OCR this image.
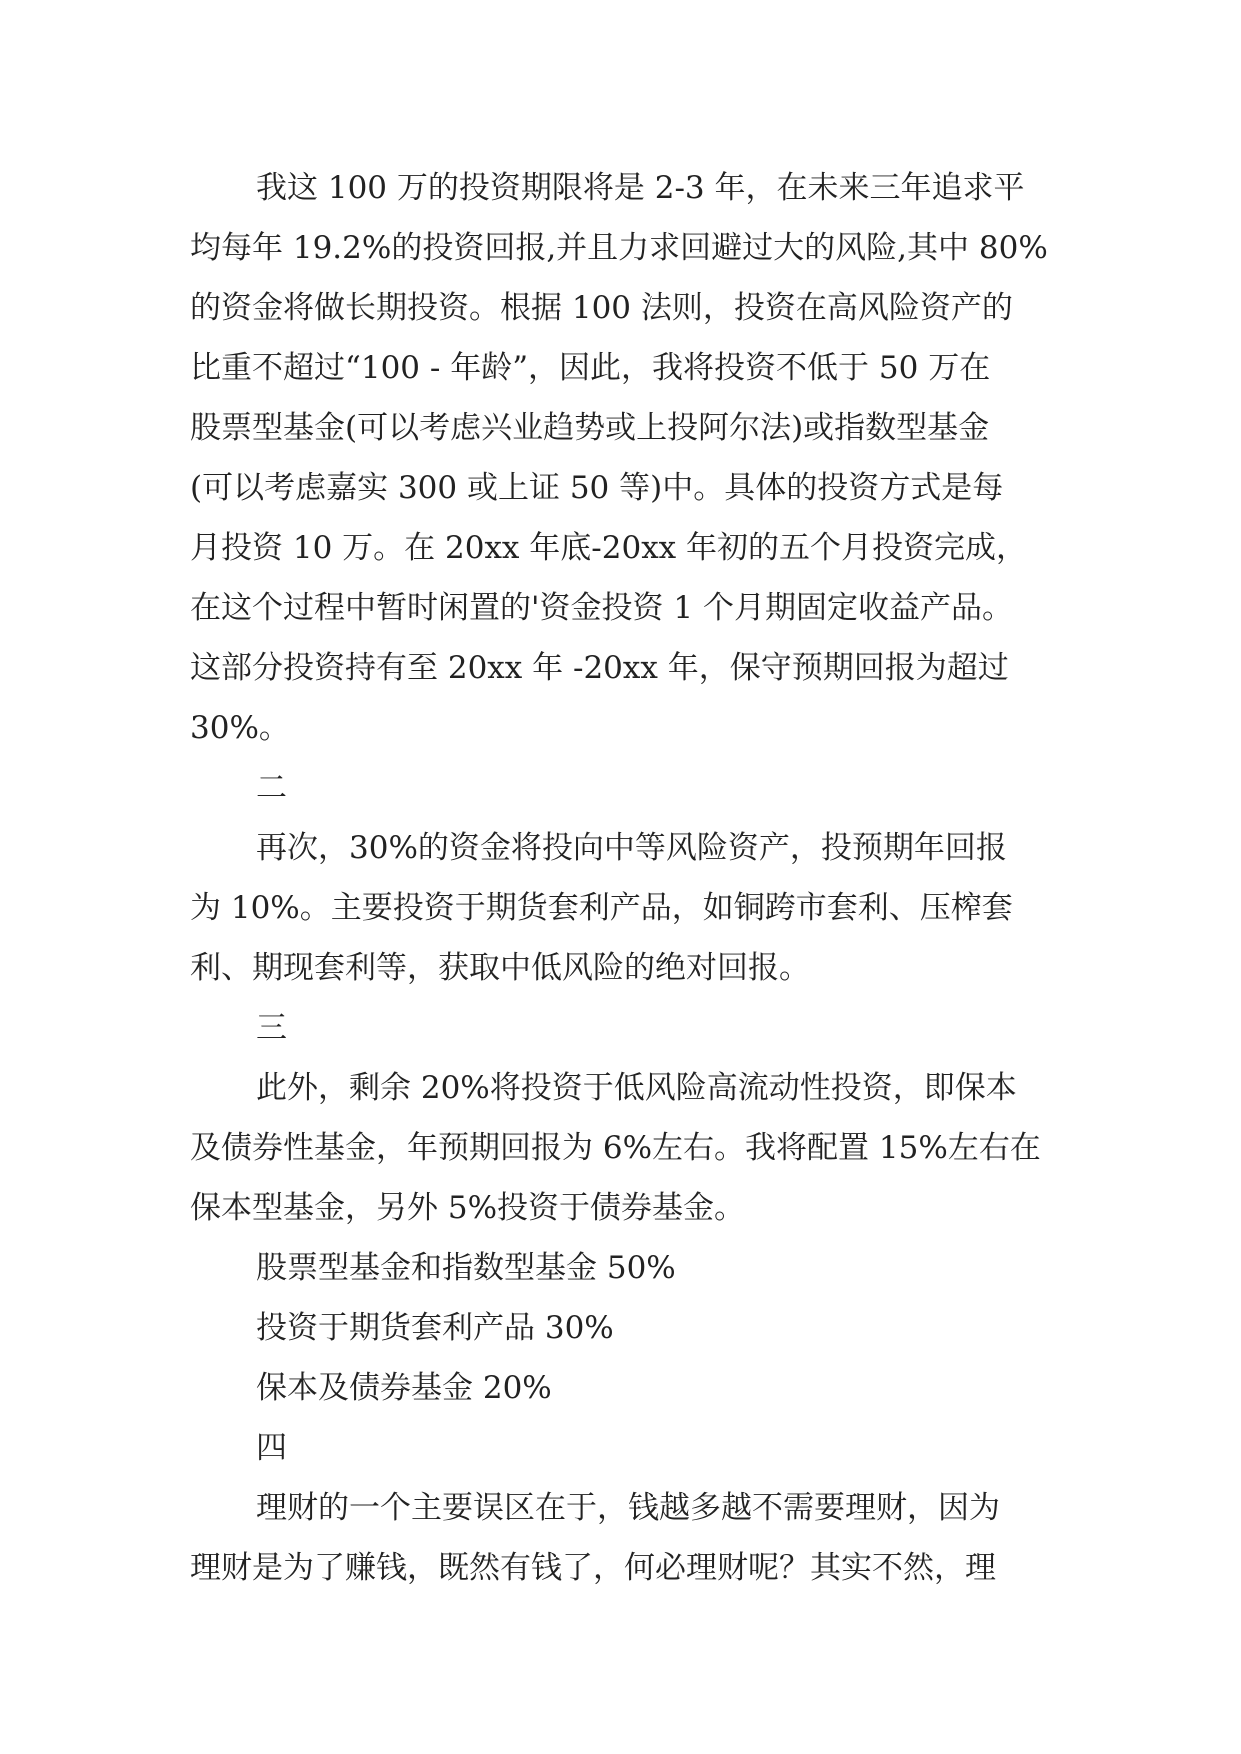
我这 100 万的投资期限将是 2-3 年，在未来三年追求平
均每年 19.2%的投资回报,并且力求回避过大的风险,其中 80%
的资金将做长期投资。根据 100 法则，投资在高风险资产的
比重不超过“100 - 年龄”，因此，我将投资不低于 50 万在
股票型基金(可以考虑兴业趋势或上投阿尔法)或指数型基金
(可以考虑嘉实 300 或上证 50 等)中。具体的投资方式是每
月投资 10 万。在 20xx 年底-20xx 年初的五个月投资完成，
在这个过程中暂时闲置的'资金投资 1 个月期固定收益产品。
这部分投资持有至 20xx 年 -20xx 年，保守预期回报为超过
30%。

二

再次，30%的资金将投向中等风险资产，投预期年回报
为 10%。主要投资于期货套利产品，如铜跨市套利、压榨套
利、期现套利等，获取中低风险的绝对回报。

三

此外，剩余 20%将投资于低风险高流动性投资，即保本
及债券性基金，年预期回报为 6%左右。我将配置 15%左右在
保本型基金，另外 5%投资于债券基金。

股票型基金和指数型基金 50%

投资于期货套利产品 30%

保本及债券基金 20%

四

理财的一个主要误区在于，钱越多越不需要理财，因为
理财是为了赚钱，既然有钱了，何必理财呢？其实不然，理
